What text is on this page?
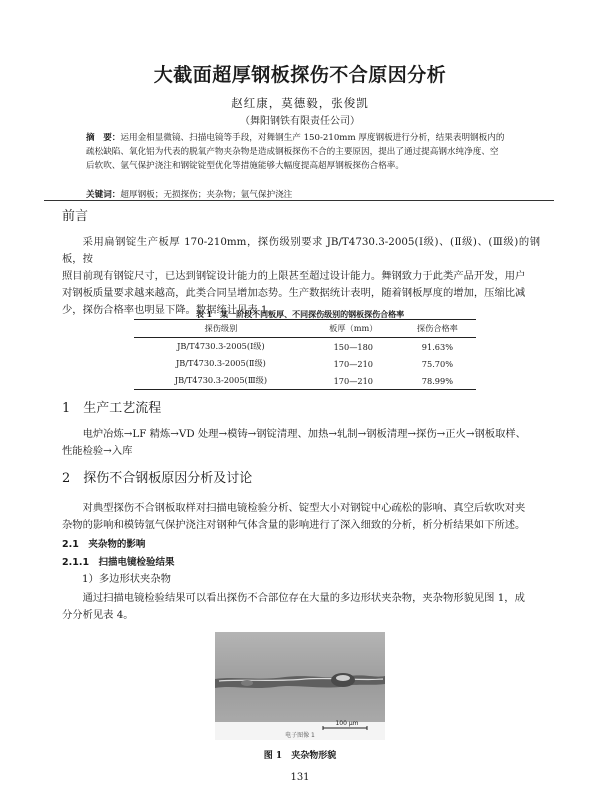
大截面超厚钢板探伤不合原因分析
赵红康，莫德毅，张俊凯
（舞阳钢铁有限责任公司）
摘　要：运用金相显微镜、扫描电镜等手段，对舞钢生产 150-210mm 厚度钢板进行分析，结果表明钢板内的
疏松缺陷、氧化铝为代表的脱氧产物夹杂物是造成钢板探伤不合的主要原因，提出了通过提高钢水纯净度、空
后软吹、氩气保护浇注和钢锭锭型优化等措施能够大幅度提高超厚钢板探伤合格率。
关键词：超厚钢板；无损探伤；夹杂物；氩气保护浇注
前言
采用扁钢锭生产板厚 170-210mm，探伤级别要求 JB/T4730.3-2005(Ⅰ级)、(Ⅱ级)、(Ⅲ级)的钢板，按
照目前现有钢锭尺寸，已达到钢锭设计能力的上限甚至超过设计能力。舞钢致力于此类产品开发，用户
对钢板质量要求越来越高，此类合同呈增加态势。生产数据统计表明，随着钢板厚度的增加，压缩比减
少，探伤合格率也明显下降。数据统计见表 1。
表 1　某一阶段不同板厚、不同探伤级别的钢板探伤合格率
探伤级别	板厚（mm）	探伤合格率
JB/T4730.3-2005(Ⅰ级)	150—180	91.63%
JB/T4730.3-2005(Ⅱ级)	170—210	75.70%
JB/T4730.3-2005(Ⅲ级)	170—210	78.99%
1　生产工艺流程
电炉冶炼→LF 精炼→VD 处理→模铸→钢锭清理、加热→轧制→钢板清理→探伤→正火→钢板取样、
性能检验→入库
2　探伤不合钢板原因分析及讨论
对典型探伤不合钢板取样对扫描电镜检验分析、锭型大小对钢锭中心疏松的影响、真空后软吹对夹
杂物的影响和模铸氩气保护浇注对钢种气体含量的影响进行了深入细致的分析，析分析结果如下所述。
2.1　夹杂物的影响
2.1.1　扫描电镜检验结果
1）多边形状夹杂物
通过扫描电镜检验结果可以看出探伤不合部位存在大量的多边形状夹杂物，夹杂物形貌见图 1，成
分分析见表 4。
100 μm
电子图像 1
图 1　夹杂物形貌
131
